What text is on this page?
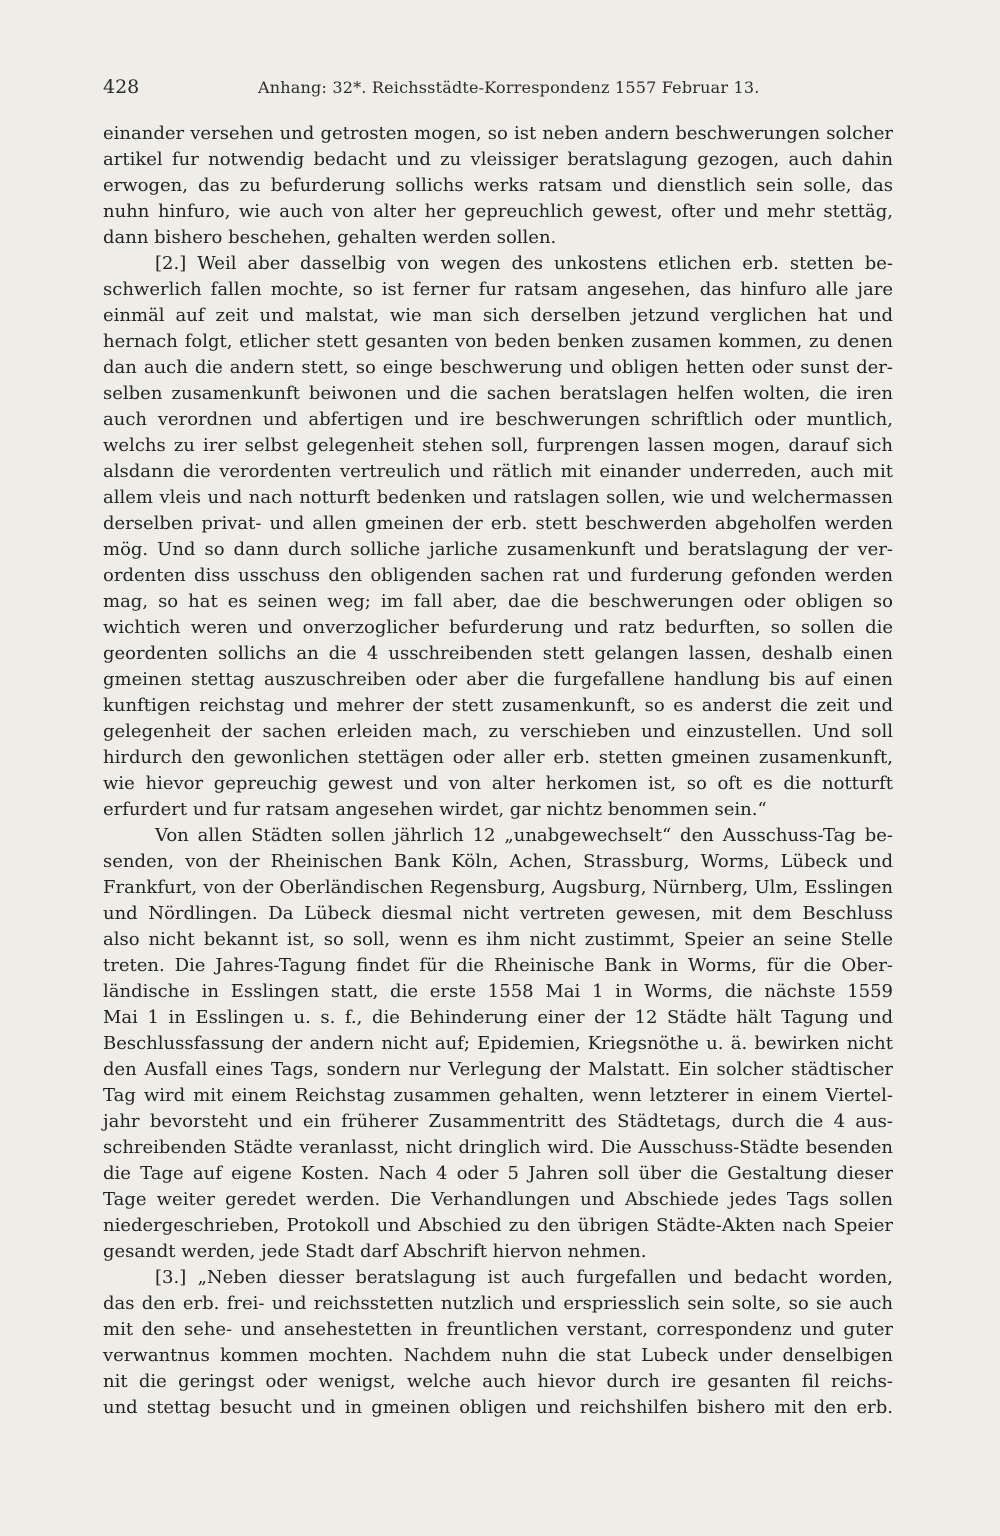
428	Anhang: 32*. Reichsstädte-Korrespondenz 1557 Februar 13.
einander versehen und getrosten mogen, so ist neben andern beschwerungen solcher
artikel fur notwendig bedacht und zu vleissiger beratslagung gezogen, auch dahin
erwogen, das zu befurderung sollichs werks ratsam und dienstlich sein solle, das
nuhn hinfuro, wie auch von alter her gepreuchlich gewest, ofter und mehr stettäg,
dann bishero beschehen, gehalten werden sollen.
[2.] Weil aber dasselbig von wegen des unkostens etlichen erb. stetten be-
schwerlich fallen mochte, so ist ferner fur ratsam angesehen, das hinfuro alle jare
einmäl auf zeit und malstat, wie man sich derselben jetzund verglichen hat und
hernach folgt, etlicher stett gesanten von beden benken zusamen kommen, zu denen
dan auch die andern stett, so einge beschwerung und obligen hetten oder sunst der-
selben zusamenkunft beiwonen und die sachen beratslagen helfen wolten, die iren
auch verordnen und abfertigen und ire beschwerungen schriftlich oder muntlich,
welchs zu irer selbst gelegenheit stehen soll, furprengen lassen mogen, darauf sich
alsdann die verordenten vertreulich und rätlich mit einander underreden, auch mit
allem vleis und nach notturft bedenken und ratslagen sollen, wie und welchermassen
derselben privat- und allen gmeinen der erb. stett beschwerden abgeholfen werden
mög. Und so dann durch solliche jarliche zusamenkunft und beratslagung der ver-
ordenten diss usschuss den obligenden sachen rat und furderung gefonden werden
mag, so hat es seinen weg; im fall aber, dae die beschwerungen oder obligen so
wichtich weren und onverzoglicher befurderung und ratz bedurften, so sollen die
geordenten sollichs an die 4 usschreibenden stett gelangen lassen, deshalb einen
gmeinen stettag auszuschreiben oder aber die furgefallene handlung bis auf einen
kunftigen reichstag und mehrer der stett zusamenkunft, so es anderst die zeit und
gelegenheit der sachen erleiden mach, zu verschieben und einzustellen. Und soll
hirdurch den gewonlichen stettägen oder aller erb. stetten gmeinen zusamenkunft,
wie hievor gepreuchig gewest und von alter herkomen ist, so oft es die notturft
erfurdert und fur ratsam angesehen wirdet, gar nichtz benommen sein.“
Von allen Städten sollen jährlich 12 „unabgewechselt“ den Ausschuss-Tag be-
senden, von der Rheinischen Bank Köln, Achen, Strassburg, Worms, Lübeck und
Frankfurt, von der Oberländischen Regensburg, Augsburg, Nürnberg, Ulm, Esslingen
und Nördlingen. Da Lübeck diesmal nicht vertreten gewesen, mit dem Beschluss
also nicht bekannt ist, so soll, wenn es ihm nicht zustimmt, Speier an seine Stelle
treten. Die Jahres-Tagung findet für die Rheinische Bank in Worms, für die Ober-
ländische in Esslingen statt, die erste 1558 Mai 1 in Worms, die nächste 1559
Mai 1 in Esslingen u. s. f., die Behinderung einer der 12 Städte hält Tagung und
Beschlussfassung der andern nicht auf; Epidemien, Kriegsnöthe u. ä. bewirken nicht
den Ausfall eines Tags, sondern nur Verlegung der Malstatt. Ein solcher städtischer
Tag wird mit einem Reichstag zusammen gehalten, wenn letzterer in einem Viertel-
jahr bevorsteht und ein früherer Zusammentritt des Städtetags, durch die 4 aus-
schreibenden Städte veranlasst, nicht dringlich wird. Die Ausschuss-Städte besenden
die Tage auf eigene Kosten. Nach 4 oder 5 Jahren soll über die Gestaltung dieser
Tage weiter geredet werden. Die Verhandlungen und Abschiede jedes Tags sollen
niedergeschrieben, Protokoll und Abschied zu den übrigen Städte-Akten nach Speier
gesandt werden, jede Stadt darf Abschrift hiervon nehmen.
[3.] „Neben diesser beratslagung ist auch furgefallen und bedacht worden,
das den erb. frei- und reichsstetten nutzlich und erspriesslich sein solte, so sie auch
mit den sehe- und ansehestetten in freuntlichen verstant, correspondenz und guter
verwantnus kommen mochten. Nachdem nuhn die stat Lubeck under denselbigen
nit die geringst oder wenigst, welche auch hievor durch ire gesanten fil reichs-
und stettag besucht und in gmeinen obligen und reichshilfen bishero mit den erb.
